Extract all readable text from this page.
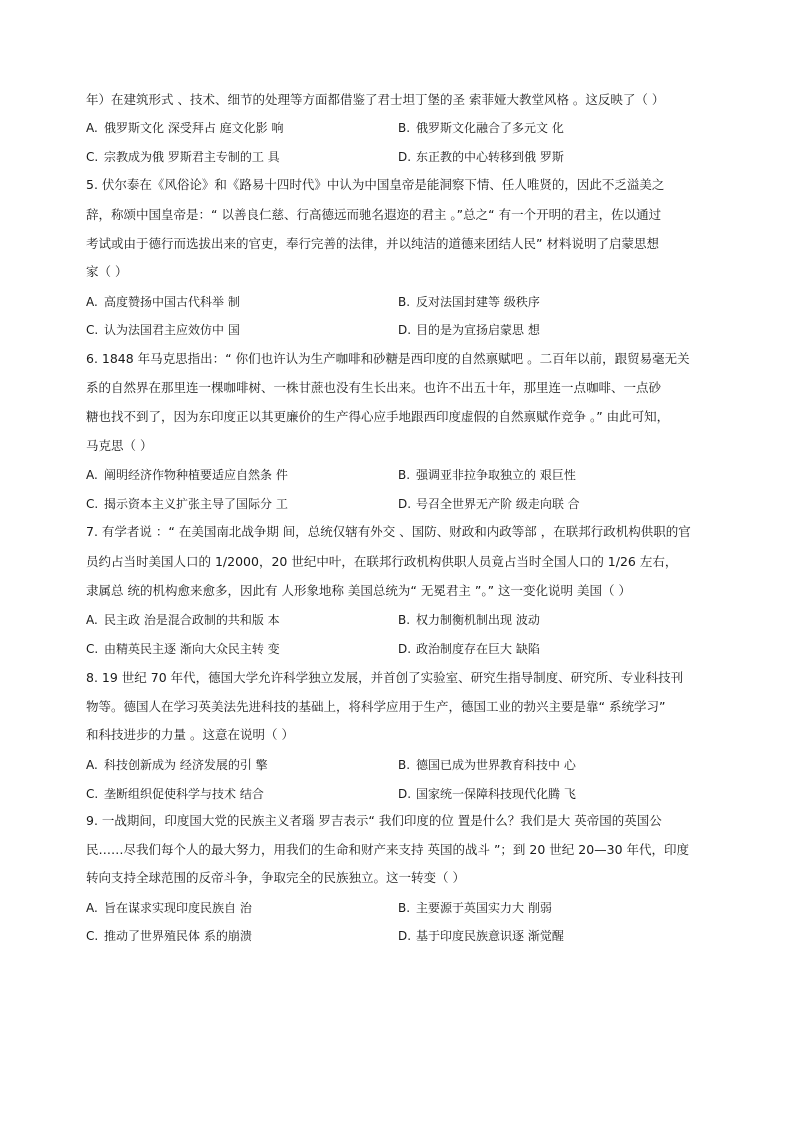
年）在建筑形式 、技术、细节的处理等方面都借鉴了君士坦丁堡的圣 索菲娅大教堂风格 。这反映了（ ）
A. 俄罗斯文化 深受拜占 庭文化影 响	B. 俄罗斯文化融合了多元文 化
C. 宗教成为俄 罗斯君主专制的工 具	D. 东正教的中心转移到俄 罗斯
5. 伏尔泰在《风俗论》和《路易十四时代》中认为中国皇帝是能洞察下情、任人唯贤的，因此不乏溢美之
辞，称颂中国皇帝是：“ 以善良仁慈、行高德远而驰名遐迩的君主 。”总之“ 有一个开明的君主，佐以通过
考试或由于德行而选拔出来的官吏，奉行完善的法律，并以纯洁的道德来团结人民” 材料说明了启蒙思想
家（ ）
A. 高度赞扬中国古代科举 制	B. 反对法国封建等 级秩序
C. 认为法国君主应效仿中 国	D. 目的是为宣扬启蒙思 想
6. 1848 年马克思指出：“ 你们也许认为生产咖啡和砂糖是西印度的自然禀赋吧 。二百年以前，跟贸易毫无关
系的自然界在那里连一棵咖啡树、一株甘蔗也没有生长出来。也许不出五十年，那里连一点咖啡、一点砂
糖也找不到了，因为东印度正以其更廉价的生产得心应手地跟西印度虚假的自然禀赋作竞争 。” 由此可知，
马克思（ ）
A. 阐明经济作物种植要适应自然条 件	B. 强调亚非拉争取独立的 艰巨性
C. 揭示资本主义扩张主导了国际分 工	D. 号召全世界无产阶 级走向联 合
7. 有学者说 ：“ 在美国南北战争期 间，总统仅辖有外交 、国防、财政和内政等部 ，在联邦行政机构供职的官
员约占当时美国人口的 1/2000，20 世纪中叶，在联邦行政机构供职人员竟占当时全国人口的 1/26 左右，
隶属总 统的机构愈来愈多，因此有 人形象地称 美国总统为“ 无冕君主 ”。” 这一变化说明 美国（ ）
A. 民主政 治是混合政制的共和版 本	B. 权力制衡机制出现 波动
C. 由精英民主逐 渐向大众民主转 变	D. 政治制度存在巨大 缺陷
8. 19 世纪 70 年代，德国大学允许科学独立发展，并首创了实验室、研究生指导制度、研究所、专业科技刊
物等。德国人在学习英美法先进科技的基础上，将科学应用于生产，德国工业的勃兴主要是靠“ 系统学习”
和科技进步的力量 。这意在说明（ ）
A. 科技创新成为 经济发展的引 擎	B. 德国已成为世界教育科技中 心
C. 垄断组织促使科学与技术 结合	D. 国家统一保障科技现代化腾 飞
9. 一战期间，印度国大党的民族主义者瑙 罗吉表示“ 我们印度的位 置是什么？我们是大 英帝国的英国公
民……尽我们每个人的最大努力，用我们的生命和财产来支持 英国的战斗 ”；到 20 世纪 20—30 年代，印度
转向支持全球范围的反帝斗争，争取完全的民族独立。这一转变（ ）
A. 旨在谋求实现印度民族自 治	B. 主要源于英国实力大 削弱
C. 推动了世界殖民体 系的崩溃	D. 基于印度民族意识逐 渐觉醒
